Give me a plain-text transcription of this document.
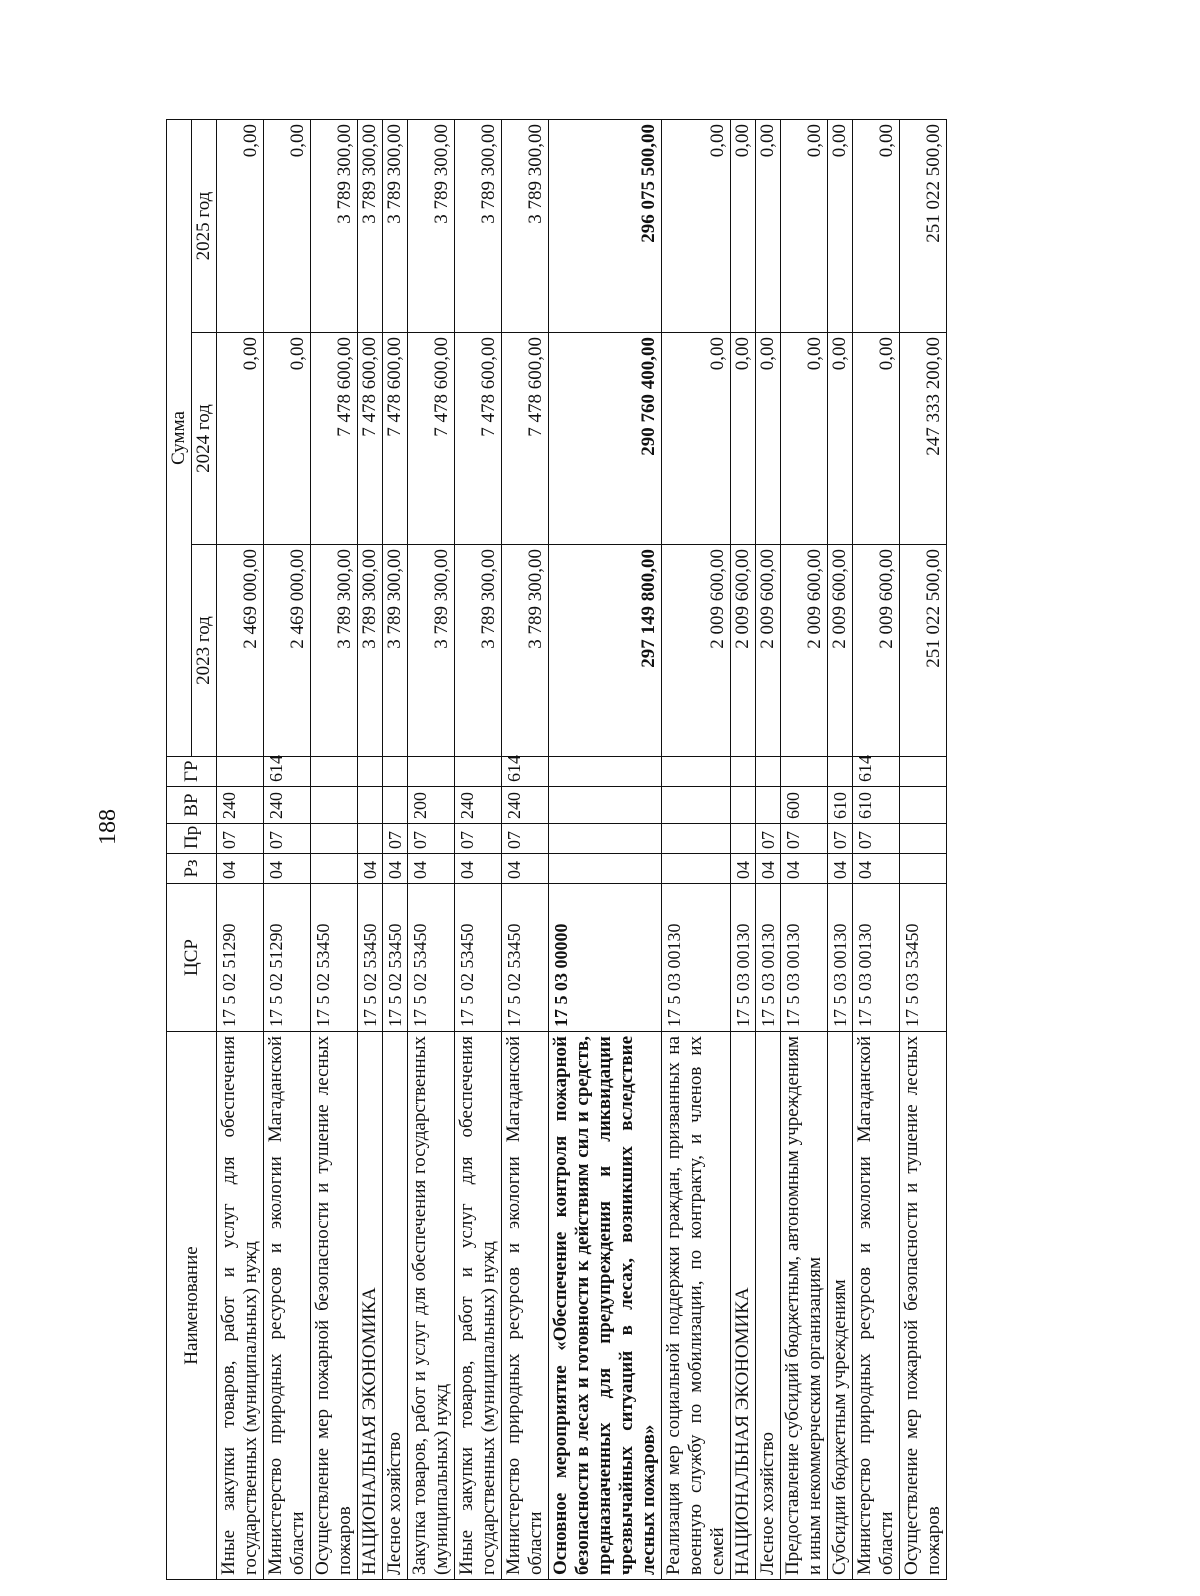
188
Наименование	ЦСР	Рз	Пр	ВР	ГР	Сумма		
						2023 год	2024 год	2025 год
Иные закупки товаров, работ и услуг для обеспечения государственных (муниципальных) нужд	17 5 02 51290	04	07	240		2 469 000,00	0,00	0,00
Министерство природных ресурсов и экологии Магаданской области	17 5 02 51290	04	07	240	614	2 469 000,00	0,00	0,00
Осуществление мер пожарной безопасности и тушение лесных пожаров	17 5 02 53450					3 789 300,00	7 478 600,00	3 789 300,00
НАЦИОНАЛЬНАЯ ЭКОНОМИКА	17 5 02 53450	04				3 789 300,00	7 478 600,00	3 789 300,00
Лесное хозяйство	17 5 02 53450	04	07			3 789 300,00	7 478 600,00	3 789 300,00
Закупка товаров, работ и услуг для обеспечения государственных (муниципальных) нужд	17 5 02 53450	04	07	200		3 789 300,00	7 478 600,00	3 789 300,00
Иные закупки товаров, работ и услуг для обеспечения государственных (муниципальных) нужд	17 5 02 53450	04	07	240		3 789 300,00	7 478 600,00	3 789 300,00
Министерство природных ресурсов и экологии Магаданской области	17 5 02 53450	04	07	240	614	3 789 300,00	7 478 600,00	3 789 300,00
Основное мероприятие «Обеспечение контроля пожарной безопасности в лесах и готовности к действиям сил и средств, предназначенных для предупреждения и ликвидации чрезвычайных ситуаций в лесах, возникших вследствие лесных пожаров»	17 5 03 00000					297 149 800,00	290 760 400,00	296 075 500,00
Реализация мер социальной поддержки граждан, призванных на военную службу по мобилизации, по контракту, и членов их семей	17 5 03 00130					2 009 600,00	0,00	0,00
НАЦИОНАЛЬНАЯ ЭКОНОМИКА	17 5 03 00130	04				2 009 600,00	0,00	0,00
Лесное хозяйство	17 5 03 00130	04	07			2 009 600,00	0,00	0,00
Предоставление субсидий бюджетным, автономным учреждениям и иным некоммерческим организациям	17 5 03 00130	04	07	600		2 009 600,00	0,00	0,00
Субсидии бюджетным учреждениям	17 5 03 00130	04	07	610		2 009 600,00	0,00	0,00
Министерство природных ресурсов и экологии Магаданской области	17 5 03 00130	04	07	610	614	2 009 600,00	0,00	0,00
Осуществление мер пожарной безопасности и тушение лесных пожаров	17 5 03 53450					251 022 500,00	247 333 200,00	251 022 500,00
